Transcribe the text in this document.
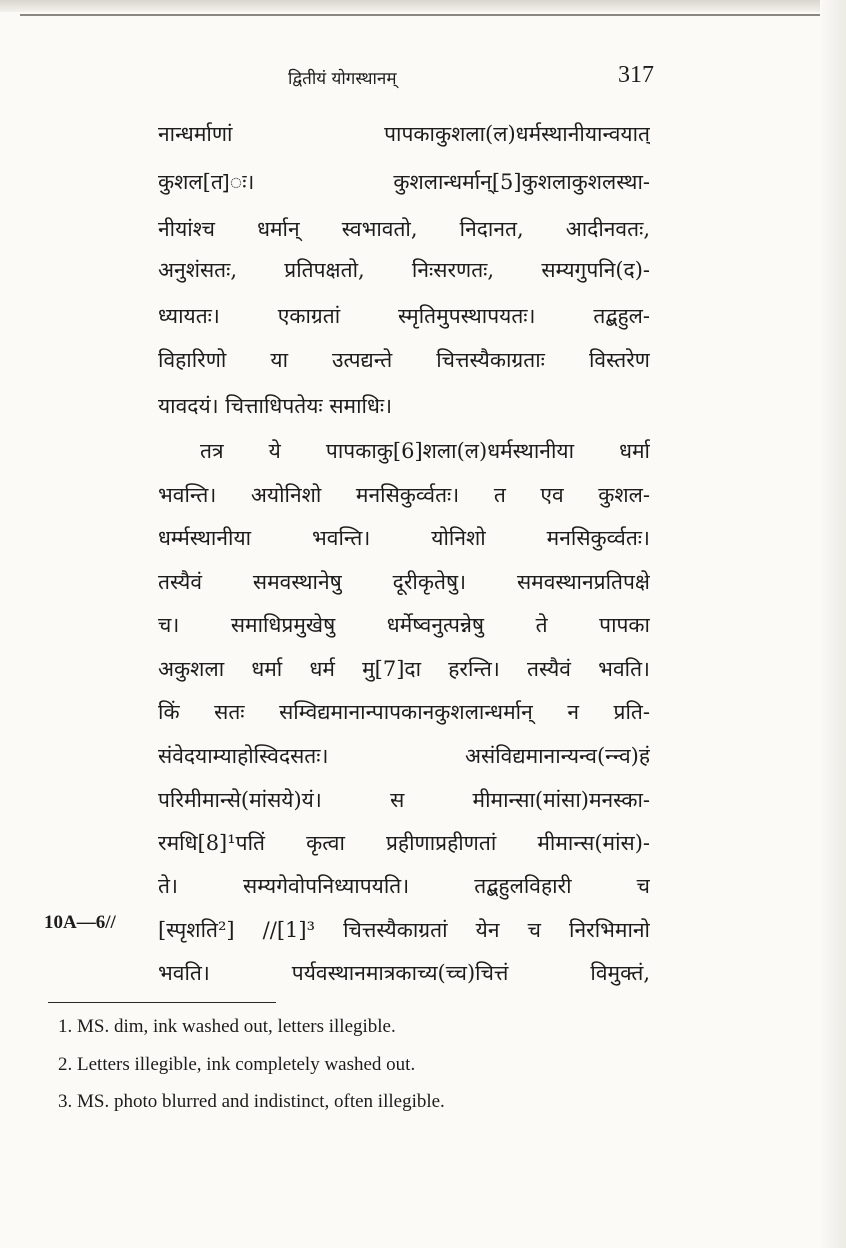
द्वितीयं योगस्थानम्	317
नान्धर्माणां पापकाकुशला(ल)धर्मस्थानीयान्वयात्
कुशल[त]ः। कुशलान्धर्मान्[5]कुशलाकुशलस्था-
नीयांश्च धर्मान् स्वभावतो, निदानत, आदीनवतः,
अनुशंसतः, प्रतिपक्षतो, निःसरणतः, सम्यगुपनि(द)-
ध्यायतः। एकाग्रतां स्मृतिमुपस्थापयतः। तद्बहुल-
विहारिणो या उत्पद्यन्ते चित्तस्यैकाग्रताः विस्तरेण
यावदयं। चित्ताधिपतेयः समाधिः।
तत्र ये पापकाकु[6]शला(ल)धर्मस्थानीया धर्मा
भवन्ति। अयोनिशो मनसिकुर्व्वतः। त एव कुशल-
धर्म्मस्थानीया भवन्ति। योनिशो मनसिकुर्व्वतः।
तस्यैवं समवस्थानेषु दूरीकृतेषु। समवस्थानप्रतिपक्षे
च। समाधिप्रमुखेषु धर्मेष्वनुत्पन्नेषु ते पापका
अकुशला धर्मा धर्म मु[7]दा हरन्ति। तस्यैवं भवति।
किं सतः सम्विद्यमानान्पापकानकुशलान्धर्मान् न प्रति-
संवेदयाम्याहोस्विदसतः। असंविद्यमानान्यन्व(न्न्व)हं
परिमीमान्से(मांसये)यं। स मीमान्सा(मांसा)मनस्का-
रमधि[8]¹पतिं कृत्वा प्रहीणाप्रहीणतां मीमान्स(मांस)-
ते। सम्यगेवोपनिध्यापयति। तद्बहुलविहारी च
[स्पृशति²] //[1]³ चित्तस्यैकाग्रतां येन च निरभिमानो
भवति। पर्यवस्थानमात्रकाच्य(च्च)चित्तं विमुक्तं,
10A—6//
1. MS. dim, ink washed out, letters illegible.
2. Letters illegible, ink completely washed out.
3. MS. photo blurred and indistinct, often illegible.
